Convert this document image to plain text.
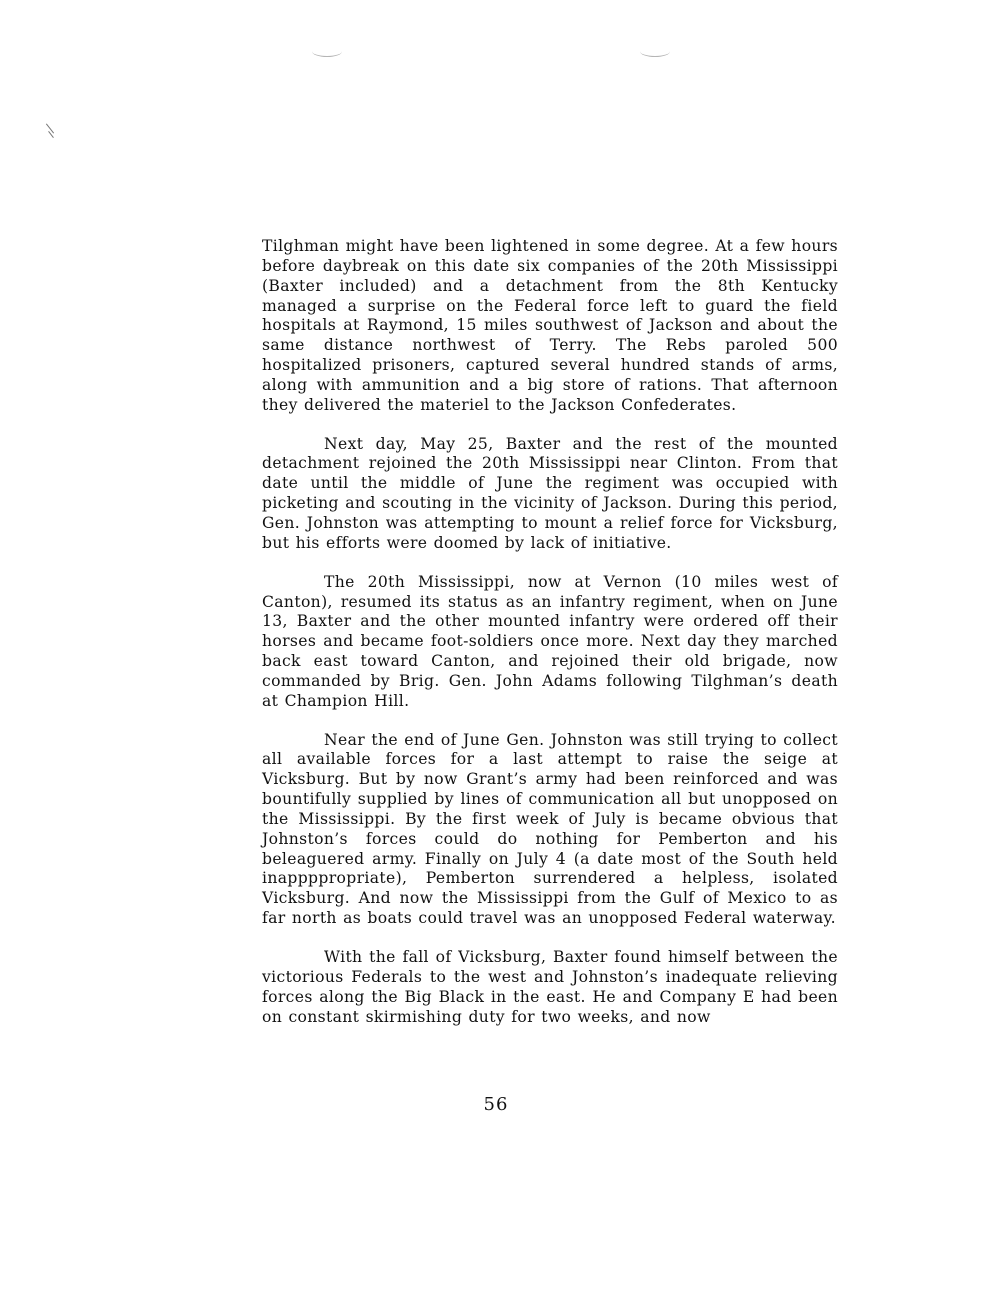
Tilghman might have been lightened in some degree. At a few hours before daybreak on this date six companies of the 20th Mississippi (Baxter included) and a detachment from the 8th Kentucky managed a surprise on the Federal force left to guard the field hospitals at Raymond, 15 miles southwest of Jackson and about the same distance northwest of Terry. The Rebs paroled 500 hospitalized prisoners, captured several hundred stands of arms, along with ammunition and a big store of rations. That afternoon they delivered the materiel to the Jackson Confederates.

Next day, May 25, Baxter and the rest of the mounted detachment rejoined the 20th Mississippi near Clinton. From that date until the middle of June the regiment was occupied with picketing and scouting in the vicinity of Jackson. During this period, Gen. Johnston was attempting to mount a relief force for Vicksburg, but his efforts were doomed by lack of initiative.

The 20th Mississippi, now at Vernon (10 miles west of Canton), resumed its status as an infantry regiment, when on June 13, Baxter and the other mounted infantry were ordered off their horses and became foot-soldiers once more. Next day they marched back east toward Canton, and rejoined their old brigade, now commanded by Brig. Gen. John Adams following Tilghman’s death at Champion Hill.

Near the end of June Gen. Johnston was still trying to collect all available forces for a last attempt to raise the seige at Vicksburg. But by now Grant’s army had been reinforced and was bountifully supplied by lines of communication all but unopposed on the Mississippi. By the first week of July is became obvious that Johnston’s forces could do nothing for Pemberton and his beleaguered army. Finally on July 4 (a date most of the South held inappppropriate), Pemberton surrendered a helpless, isolated Vicksburg. And now the Mississippi from the Gulf of Mexico to as far north as boats could travel was an unopposed Federal waterway.

With the fall of Vicksburg, Baxter found himself between the victorious Federals to the west and Johnston’s inadequate relieving forces along the Big Black in the east. He and Company E had been on constant skirmishing duty for two weeks, and now

56
